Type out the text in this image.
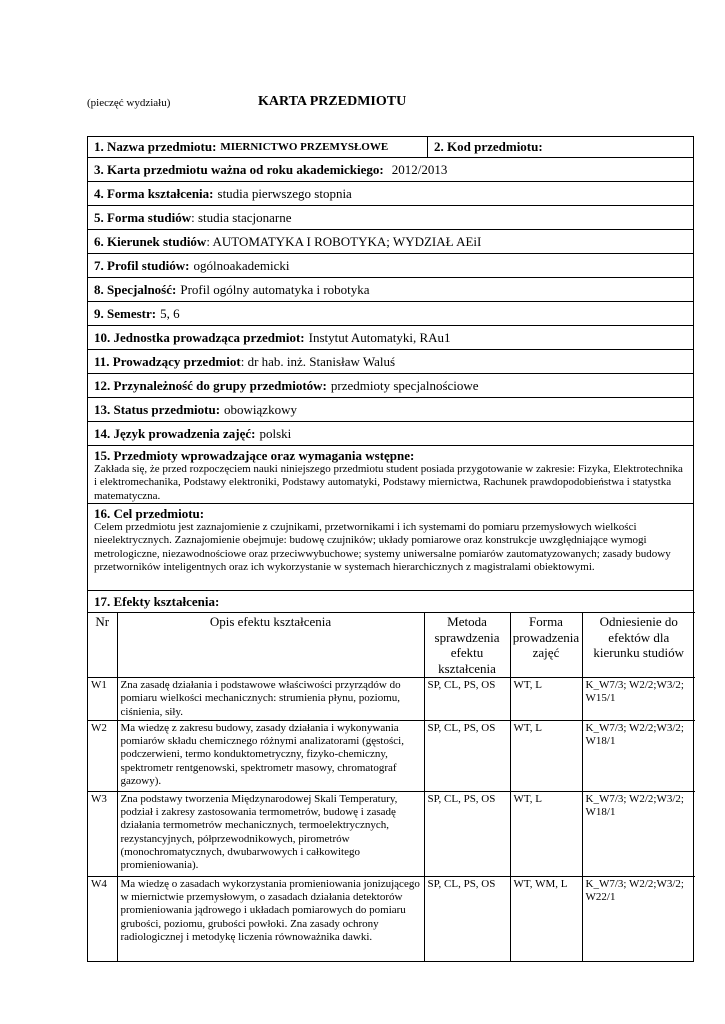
(pieczęć wydziału)	KARTA PRZEDMIOTU
1. Nazwa przedmiotu: MIERNICTWO PRZEMYSŁOWE	2. Kod przedmiotu:
3. Karta przedmiotu ważna od roku akademickiego: 2012/2013
4. Forma kształcenia: studia pierwszego stopnia
5. Forma studiów : studia stacjonarne
6. Kierunek studiów : AUTOMATYKA I ROBOTYKA; WYDZIAŁ AEiI
7. Profil studiów: ogólnoakademicki
8. Specjalność: Profil ogólny automatyka i robotyka
9. Semestr: 5, 6
10. Jednostka prowadząca przedmiot: Instytut Automatyki, RAu1
11. Prowadzący przedmiot : dr hab. inż. Stanisław Waluś
12. Przynależność do grupy przedmiotów: przedmioty specjalnościowe
13. Status przedmiotu: obowiązkowy
14. Język prowadzenia zajęć: polski
15. Przedmioty wprowadzające oraz wymagania wstępne:
Zakłada się, że przed rozpoczęciem nauki niniejszego przedmiotu student posiada przygotowanie w zakresie: Fizyka, Elektrotechnika i elektromechanika, Podstawy elektroniki, Podstawy automatyki, Podstawy miernictwa, Rachunek prawdopodobieństwa i statystka matematyczna.
16. Cel przedmiotu:
Celem przedmiotu jest zaznajomienie z czujnikami, przetwornikami i ich systemami do pomiaru przemysłowych wielkości nieelektrycznych. Zaznajomienie obejmuje: budowę czujników; układy pomiarowe oraz konstrukcje uwzględniające wymogi metrologiczne, niezawodnościowe oraz przeciwwybuchowe; systemy uniwersalne pomiarów zautomatyzowanych; zasady budowy przetworników inteligentnych oraz ich wykorzystanie w systemach hierarchicznych z magistralami obiektowymi.
17. Efekty kształcenia:
Nr	Opis efektu kształcenia	Metoda sprawdzenia efektu kształcenia	Forma prowadzenia zajęć	Odniesienie do efektów dla kierunku studiów
W1	Zna zasadę działania i podstawowe właściwości przyrządów do pomiaru wielkości mechanicznych: strumienia płynu, poziomu, ciśnienia, siły.	SP, CL, PS, OS	WT, L	K_W7/3; W2/2;W3/2; W15/1
W2	Ma wiedzę z zakresu budowy, zasady działania i wykonywania pomiarów składu chemicznego różnymi analizatorami (gęstości, podczerwieni, termo konduktometryczny, fizyko-chemiczny, spektrometr rentgenowski, spektrometr masowy, chromatograf gazowy).	SP, CL, PS, OS	WT, L	K_W7/3; W2/2;W3/2; W18/1
W3	Zna podstawy tworzenia Międzynarodowej Skali Temperatury, podział i zakresy zastosowania termometrów, budowę i zasadę działania termometrów mechanicznych, termoelektrycznych, rezystancyjnych, półprzewodnikowych, pirometrów (monochromatycznych, dwubarwowych i całkowitego promieniowania).	SP, CL, PS, OS	WT, L	K_W7/3; W2/2;W3/2; W18/1
W4	Ma wiedzę o zasadach wykorzystania promieniowania jonizującego w miernictwie przemysłowym, o zasadach działania detektorów promieniowania jądrowego i układach pomiarowych do pomiaru grubości, poziomu, grubości powłoki. Zna zasady ochrony radiologicznej i metodykę liczenia równoważnika dawki.	SP, CL, PS, OS	WT, WM, L	K_W7/3; W2/2;W3/2; W22/1
